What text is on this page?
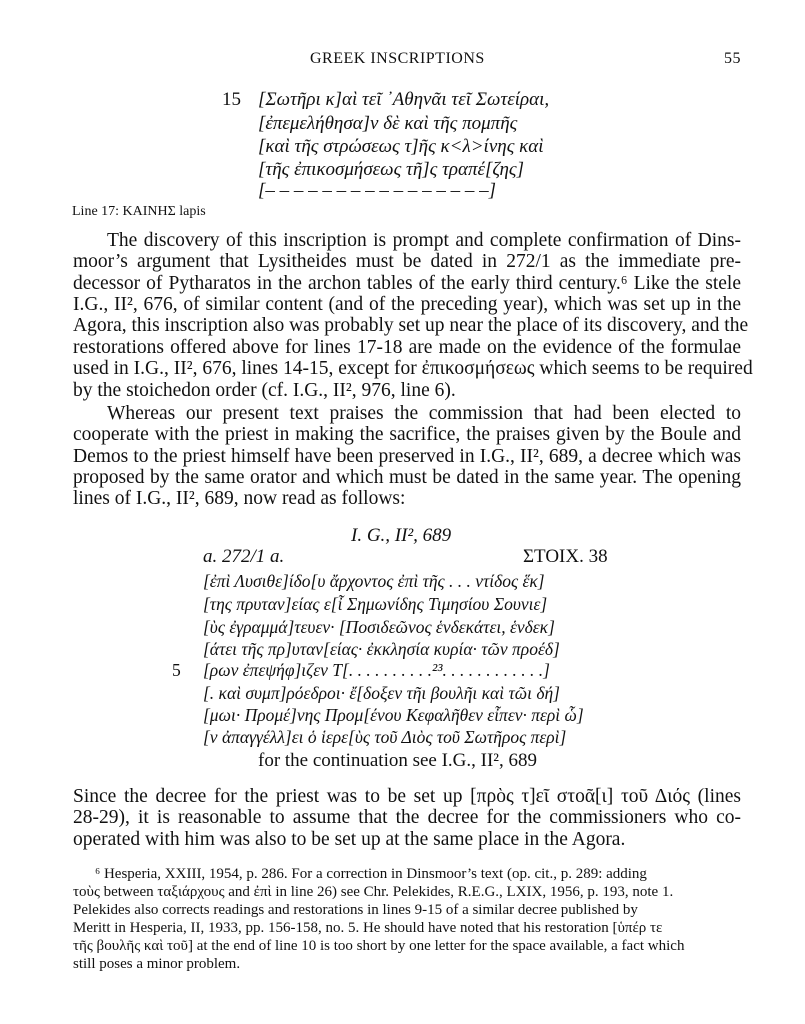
GREEK INSCRIPTIONS	55
15 [Σωτῆρι κ]αὶ τεῖ ᾿Αθηνᾶι τεῖ Σωτείραι,
[ἐπεμελήθησα]ν δὲ καὶ τῆς πομπῆς
[καὶ τῆς στρώσεως τ]ῆς κ<λ>ίνης καὶ
[τῆς ἐπικοσμήσεως τῆ]ς τραπέ[ζης]
[– – – – – – – – – – – – – – – –]
Line 17: ΚΑΙΝΗΣ lapis
The discovery of this inscription is prompt and complete confirmation of Dins-
moor’s argument that Lysitheides must be dated in 272/1 as the immediate pre-
decessor of Pytharatos in the archon tables of the early third century.⁶ Like the stele
I.G., II², 676, of similar content (and of the preceding year), which was set up in the
Agora, this inscription also was probably set up near the place of its discovery, and the
restorations offered above for lines 17-18 are made on the evidence of the formulae
used in I.G., II², 676, lines 14-15, except for ἐπικοσμήσεως which seems to be required
by the stoichedon order (cf. I.G., II², 976, line 6).
Whereas our present text praises the commission that had been elected to
cooperate with the priest in making the sacrifice, the praises given by the Boule and
Demos to the priest himself have been preserved in I.G., II², 689, a decree which was
proposed by the same orator and which must be dated in the same year. The opening
lines of I.G., II², 689, now read as follows:
I. G., II², 689
a. 272/1 a.	ΣΤΟΙΧ. 38
[ἐπὶ Λυσιθε]ίδο[υ ἄρχοντος ἐπὶ τῆς . . . ντίδος ἕκ]
[της πρυταν]είας ε[ἶ Σημωνίδης Τιμησίου Σουνιε]
[ὺς ἐγραμμά]τευεν· [Ποσιδεῶνος ἑνδεκάτει, ἑνδεκ]
[άτει τῆς πρ]υταν[είας· ἐκκλησία κυρία· τῶν προέδ]
5 [ρων ἐπεψήφ]ιζεν Τ[. . . . . . . . . .²³. . . . . . . . . . . .]
[. καὶ συμπ]ρόεδροι· ἔ[δοξεν τῆι βουλῆι καὶ τῶι δή]
[μωι· Προμέ]νης Προμ[ένου Κεφαλῆθεν εἶπεν· περὶ ὧ]
[ν ἀπαγγέλλ]ει ὁ ἱερε[ὺς τοῦ Διὸς τοῦ Σωτῆρος περὶ]
for the continuation see I.G., II², 689
Since the decree for the priest was to be set up [πρὸς τ]εῖ στοᾶ[ι] τοῦ Διός (lines
28-29), it is reasonable to assume that the decree for the commissioners who co-
operated with him was also to be set up at the same place in the Agora.
⁶ Hesperia, XXIII, 1954, p. 286. For a correction in Dinsmoor’s text (op. cit., p. 289: adding
τοὺς between ταξιάρχους and ἐπὶ in line 26) see Chr. Pelekides, R.E.G., LXIX, 1956, p. 193, note 1.
Pelekides also corrects readings and restorations in lines 9-15 of a similar decree published by
Meritt in Hesperia, II, 1933, pp. 156-158, no. 5. He should have noted that his restoration [ὑπέρ τε
τῆς βουλῆς καὶ τοῦ] at the end of line 10 is too short by one letter for the space available, a fact which
still poses a minor problem.
